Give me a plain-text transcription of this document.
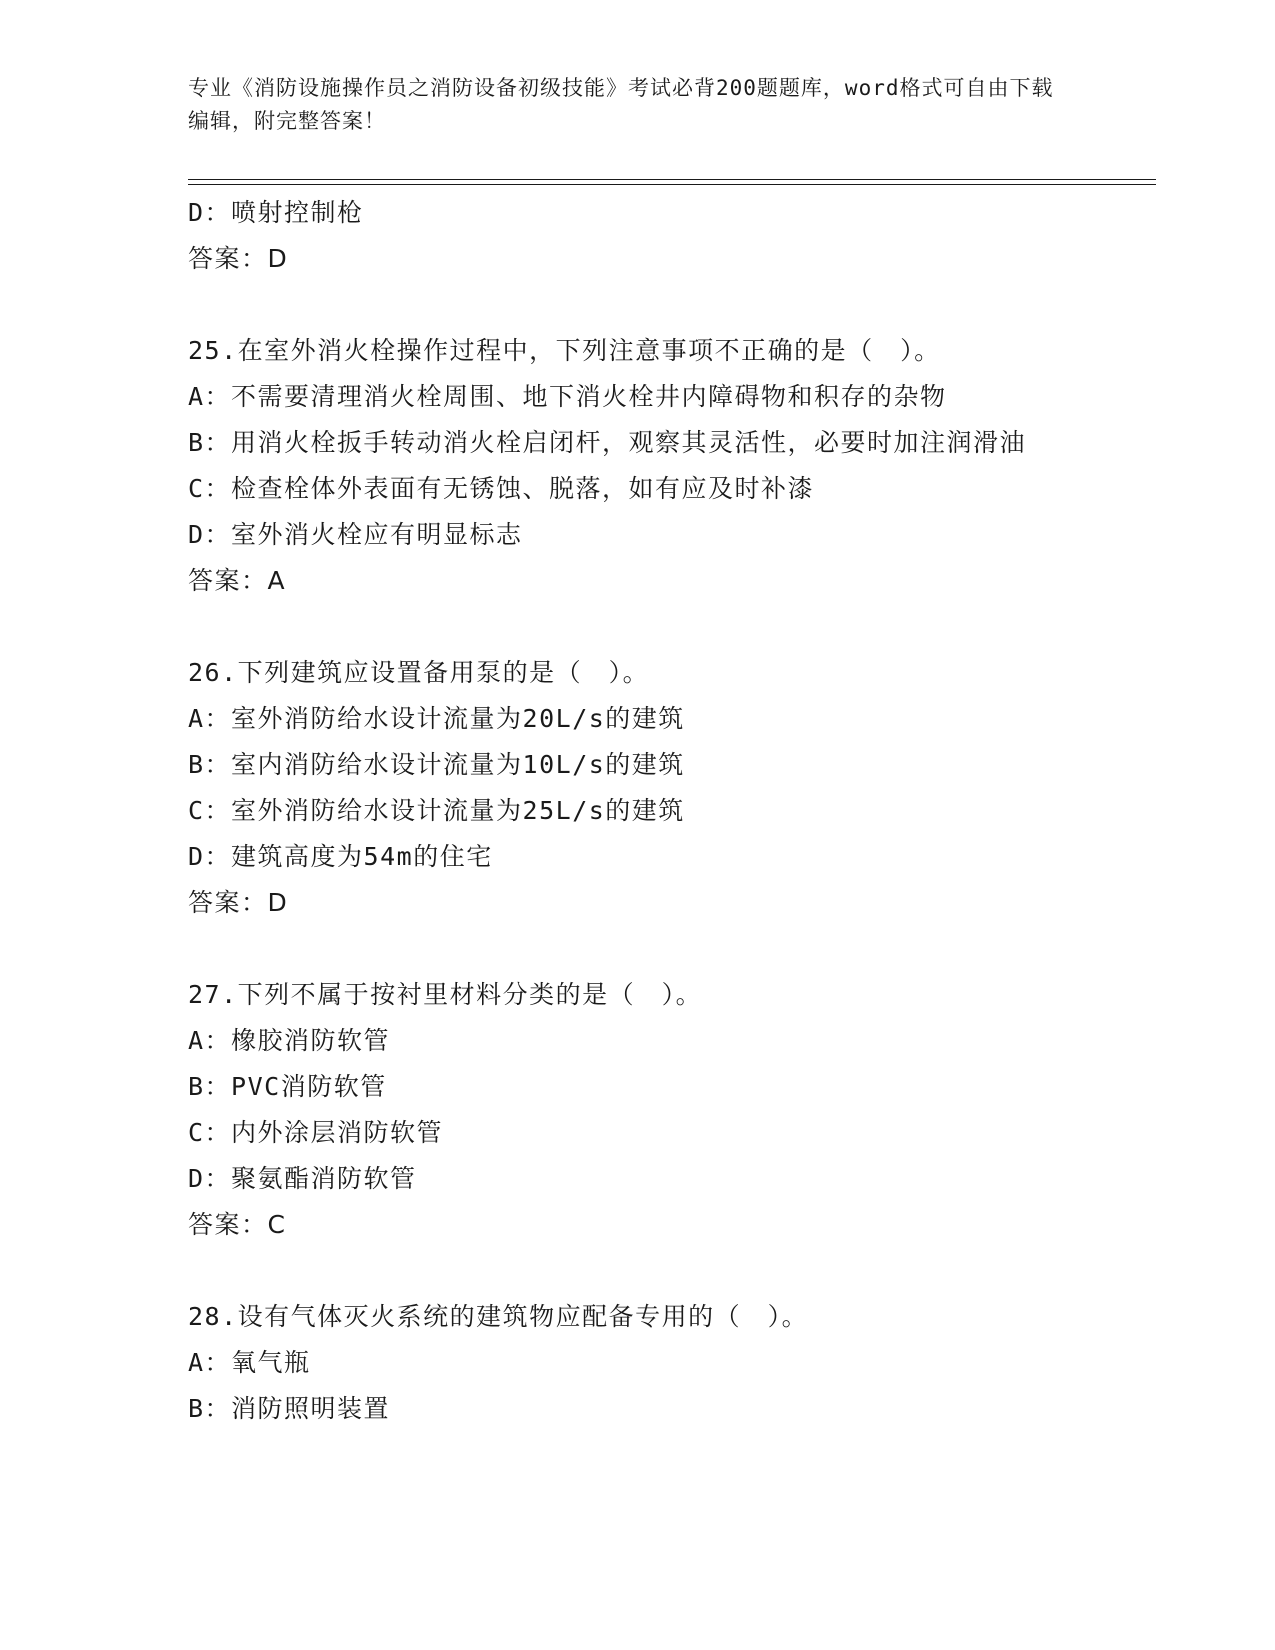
专业《消防设施操作员之消防设备初级技能》考试必背200题题库，word格式可自由下载编辑，附完整答案！
D：喷射控制枪
答案：D
25.在室外消火栓操作过程中，下列注意事项不正确的是（　）。
A：不需要清理消火栓周围、地下消火栓井内障碍物和积存的杂物
B：用消火栓扳手转动消火栓启闭杆，观察其灵活性，必要时加注润滑油
C：检查栓体外表面有无锈蚀、脱落，如有应及时补漆
D：室外消火栓应有明显标志
答案：A
26.下列建筑应设置备用泵的是（　）。
A：室外消防给水设计流量为20L/s的建筑
B：室内消防给水设计流量为10L/s的建筑
C：室外消防给水设计流量为25L/s的建筑
D：建筑高度为54m的住宅
答案：D
27.下列不属于按衬里材料分类的是（　）。
A：橡胶消防软管
B：PVC消防软管
C：内外涂层消防软管
D：聚氨酯消防软管
答案：C
28.设有气体灭火系统的建筑物应配备专用的（　）。
A：氧气瓶
B：消防照明装置
